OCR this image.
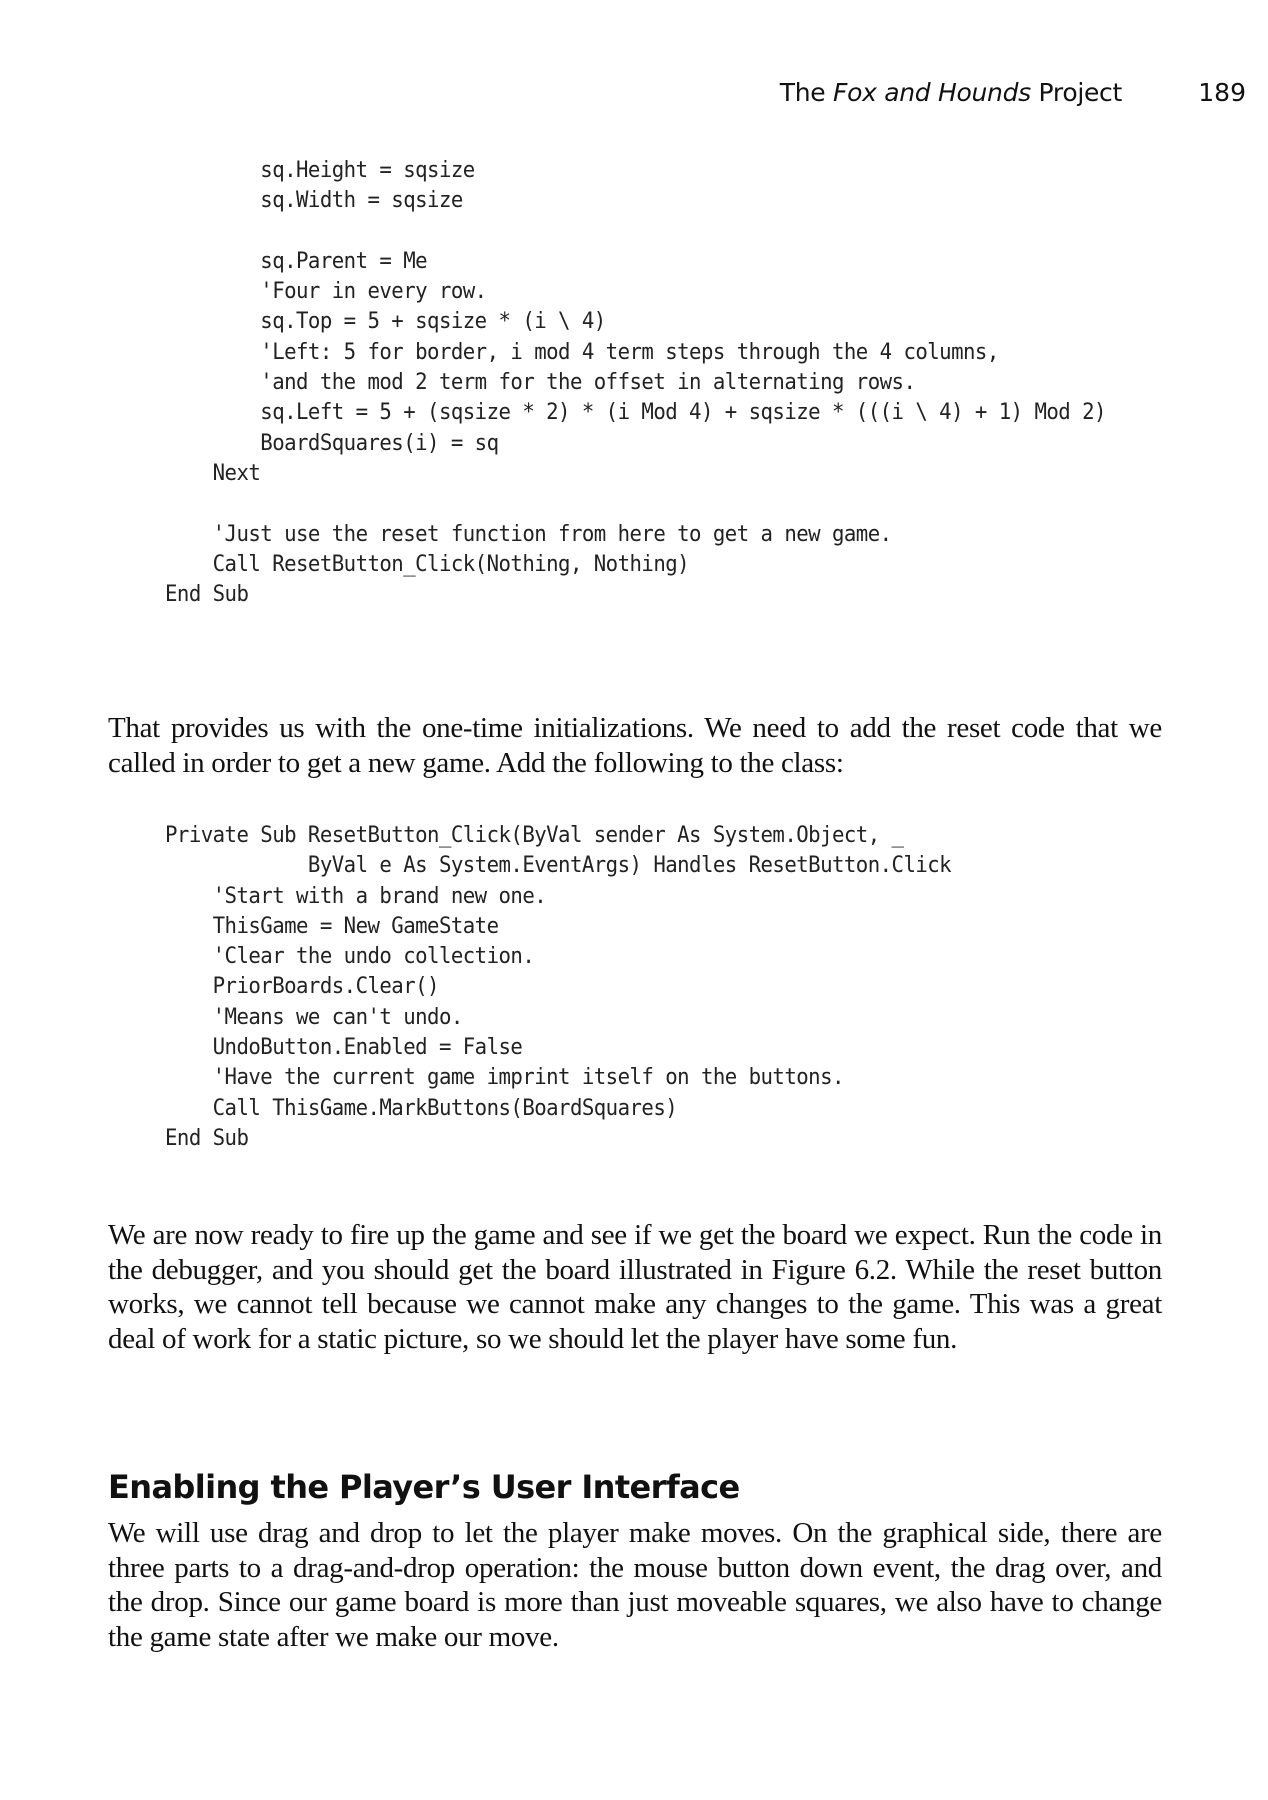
The Fox and Hounds Project	189
sq.Height = sqsize
sq.Width = sqsize

sq.Parent = Me
'Four in every row.
sq.Top = 5 + sqsize * (i \ 4)
'Left: 5 for border, i mod 4 term steps through the 4 columns,
'and the mod 2 term for the offset in alternating rows.
sq.Left = 5 + (sqsize * 2) * (i Mod 4) + sqsize * (((i \ 4) + 1) Mod 2)
BoardSquares(i) = sq
Next

'Just use the reset function from here to get a new game.
Call ResetButton_Click(Nothing, Nothing)
End Sub

That provides us with the one-time initializations. We need to add the reset code that we called in order to get a new game. Add the following to the class:

Private Sub ResetButton_Click(ByVal sender As System.Object, _
ByVal e As System.EventArgs) Handles ResetButton.Click
'Start with a brand new one.
ThisGame = New GameState
'Clear the undo collection.
PriorBoards.Clear()
'Means we can't undo.
UndoButton.Enabled = False
'Have the current game imprint itself on the buttons.
Call ThisGame.MarkButtons(BoardSquares)
End Sub

We are now ready to fire up the game and see if we get the board we expect. Run the code in the debugger, and you should get the board illustrated in Figure 6.2. While the reset button works, we cannot tell because we cannot make any changes to the game. This was a great deal of work for a static picture, so we should let the player have some fun.

Enabling the Player’s User Interface

We will use drag and drop to let the player make moves. On the graphical side, there are three parts to a drag-and-drop operation: the mouse button down event, the drag over, and the drop. Since our game board is more than just moveable squares, we also have to change the game state after we make our move.
